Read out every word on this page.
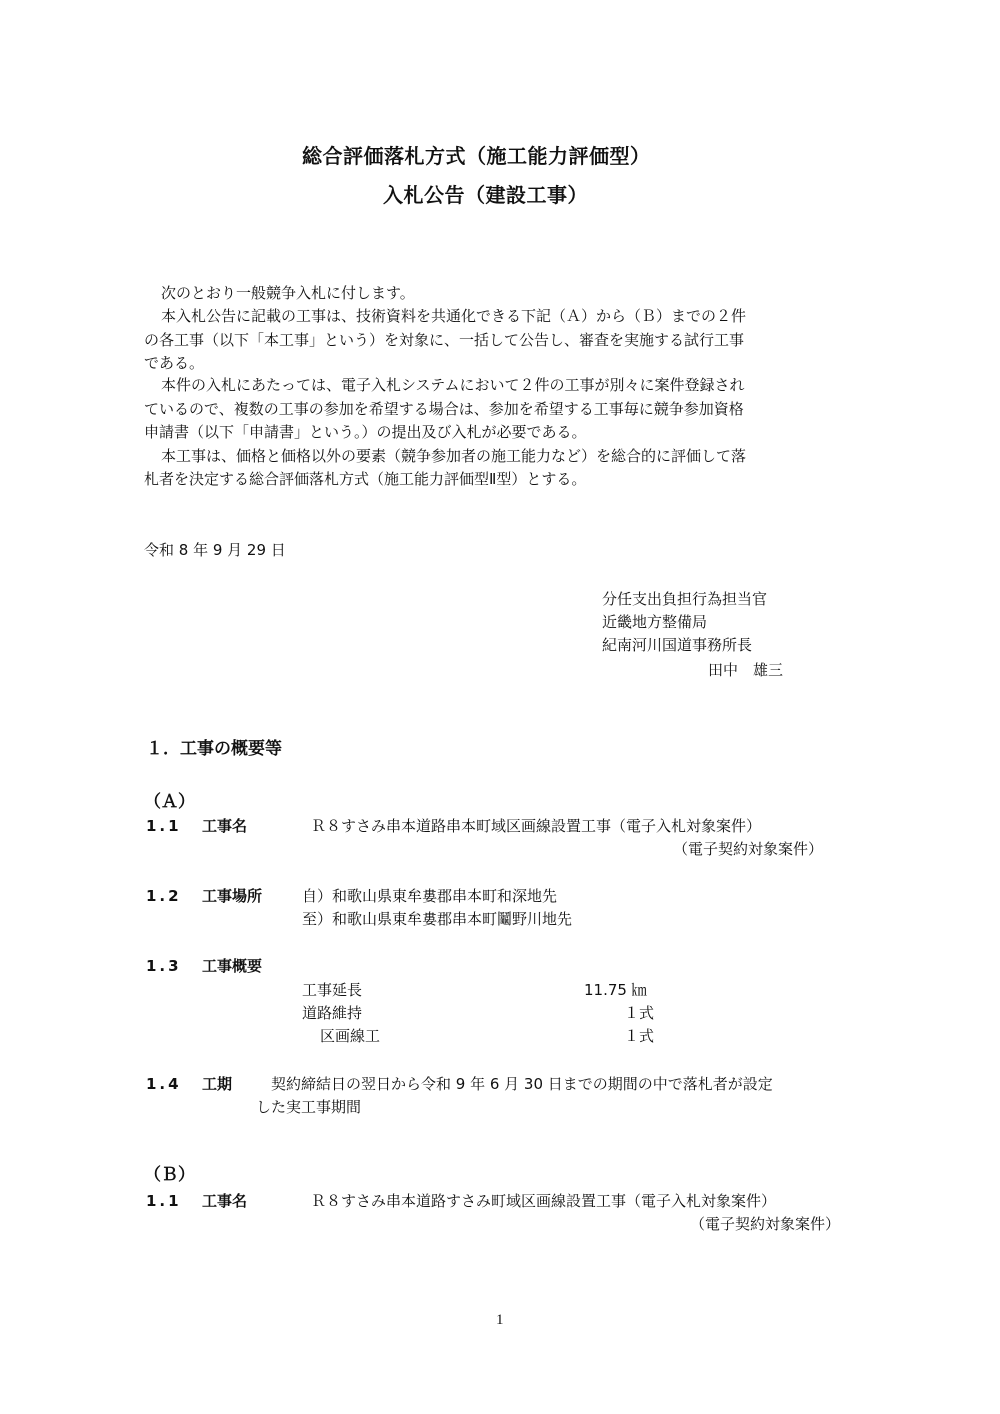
総合評価落札方式（施工能力評価型）
入札公告（建設工事）
次のとおり一般競争入札に付します。
本入札公告に記載の工事は、技術資料を共通化できる下記（Ａ）から（Ｂ）までの２件
の各工事（以下「本工事」という）を対象に、一括して公告し、審査を実施する試行工事
である。
本件の入札にあたっては、電子入札システムにおいて２件の工事が別々に案件登録され
ているので、複数の工事の参加を希望する場合は、参加を希望する工事毎に競争参加資格
申請書（以下「申請書」という。）の提出及び入札が必要である。
本工事は、価格と価格以外の要素（競争参加者の施工能力など）を総合的に評価して落
札者を決定する総合評価落札方式（施工能力評価型Ⅱ型）とする。
令和 8 年 9 月 29 日
分任支出負担行為担当官
近畿地方整備局
紀南河川国道事務所長
田中　雄三
１．工事の概要等
（Ａ）
1.1 工事名	Ｒ８すさみ串本道路串本町域区画線設置工事（電子入札対象案件）
（電子契約対象案件）
1.2 工事場所	自）和歌山県東牟婁郡串本町和深地先
至）和歌山県東牟婁郡串本町鬮野川地先
1.3 工事概要
工事延長	11.75 ㎞
道路維持	１式
区画線工	１式
1.4 工期	契約締結日の翌日から令和 9 年 6 月 30 日までの期間の中で落札者が設定
した実工事期間
（Ｂ）
1.1 工事名	Ｒ８すさみ串本道路すさみ町域区画線設置工事（電子入札対象案件）
（電子契約対象案件）
1
